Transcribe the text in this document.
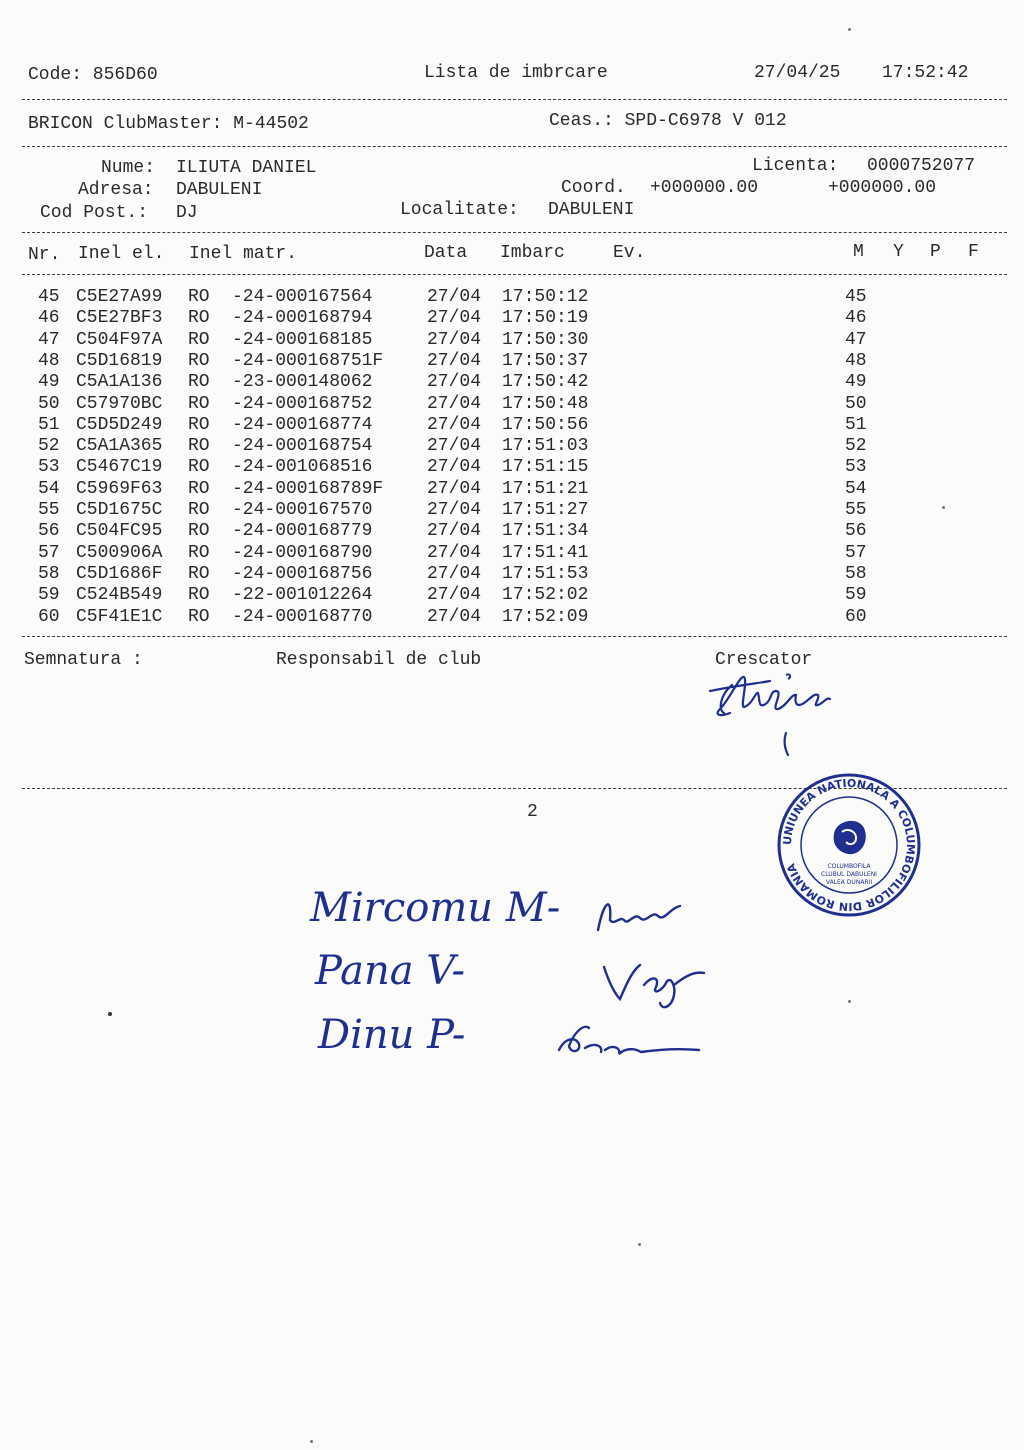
Code: 856D60	Lista de imbrcare	27/04/25 17:52:42
BRICON ClubMaster: M-44502	Ceas.: SPD-C6978 V 012
Nume: ILIUTA DANIEL	Licenta: 0000752077
Adresa: DABULENI	Coord. +000000.00	+000000.00
Cod Post.: DJ	Localitate: DABULENI
Nr. Inel el. Inel matr.	Data Imbarc	Ev.	M Y P F
45 C5E27A99 RO -24-000167564	27/04 17:50:12	45
46 C5E27BF3 RO -24-000168794	27/04 17:50:19	46
47 C504F97A RO -24-000168185	27/04 17:50:30	47
48 C5D16819 RO -24-000168751F 27/04 17:50:37	48
49 C5A1A136 RO -23-000148062	27/04 17:50:42	49
50 C57970BC RO -24-000168752	27/04 17:50:48	50
51 C5D5D249 RO -24-000168774	27/04 17:50:56	51
52 C5A1A365 RO -24-000168754	27/04 17:51:03	52
53 C5467C19 RO -24-001068516	27/04 17:51:15	53
54 C5969F63 RO -24-000168789F 27/04 17:51:21	54
55 C5D1675C RO -24-000167570	27/04 17:51:27	55
56 C504FC95 RO -24-000168779	27/04 17:51:34	56
57 C500906A RO -24-000168790	27/04 17:51:41	57
58 C5D1686F RO -24-000168756	27/04 17:51:53	58
59 C524B549 RO -22-001012264	27/04 17:52:02	59
60 C5F41E1C RO -24-000168770	27/04 17:52:09	60
Semnatura :	Responsabil de club	Crescator
2
UNIUNEA NATIONALA A COLUMBOFILILOR DIN ROMANIA	COLUMBOFILA
CLUBUL DABULENI
VALEA DUNARII
Mircomu M-
Pana V-
Dinu P-
